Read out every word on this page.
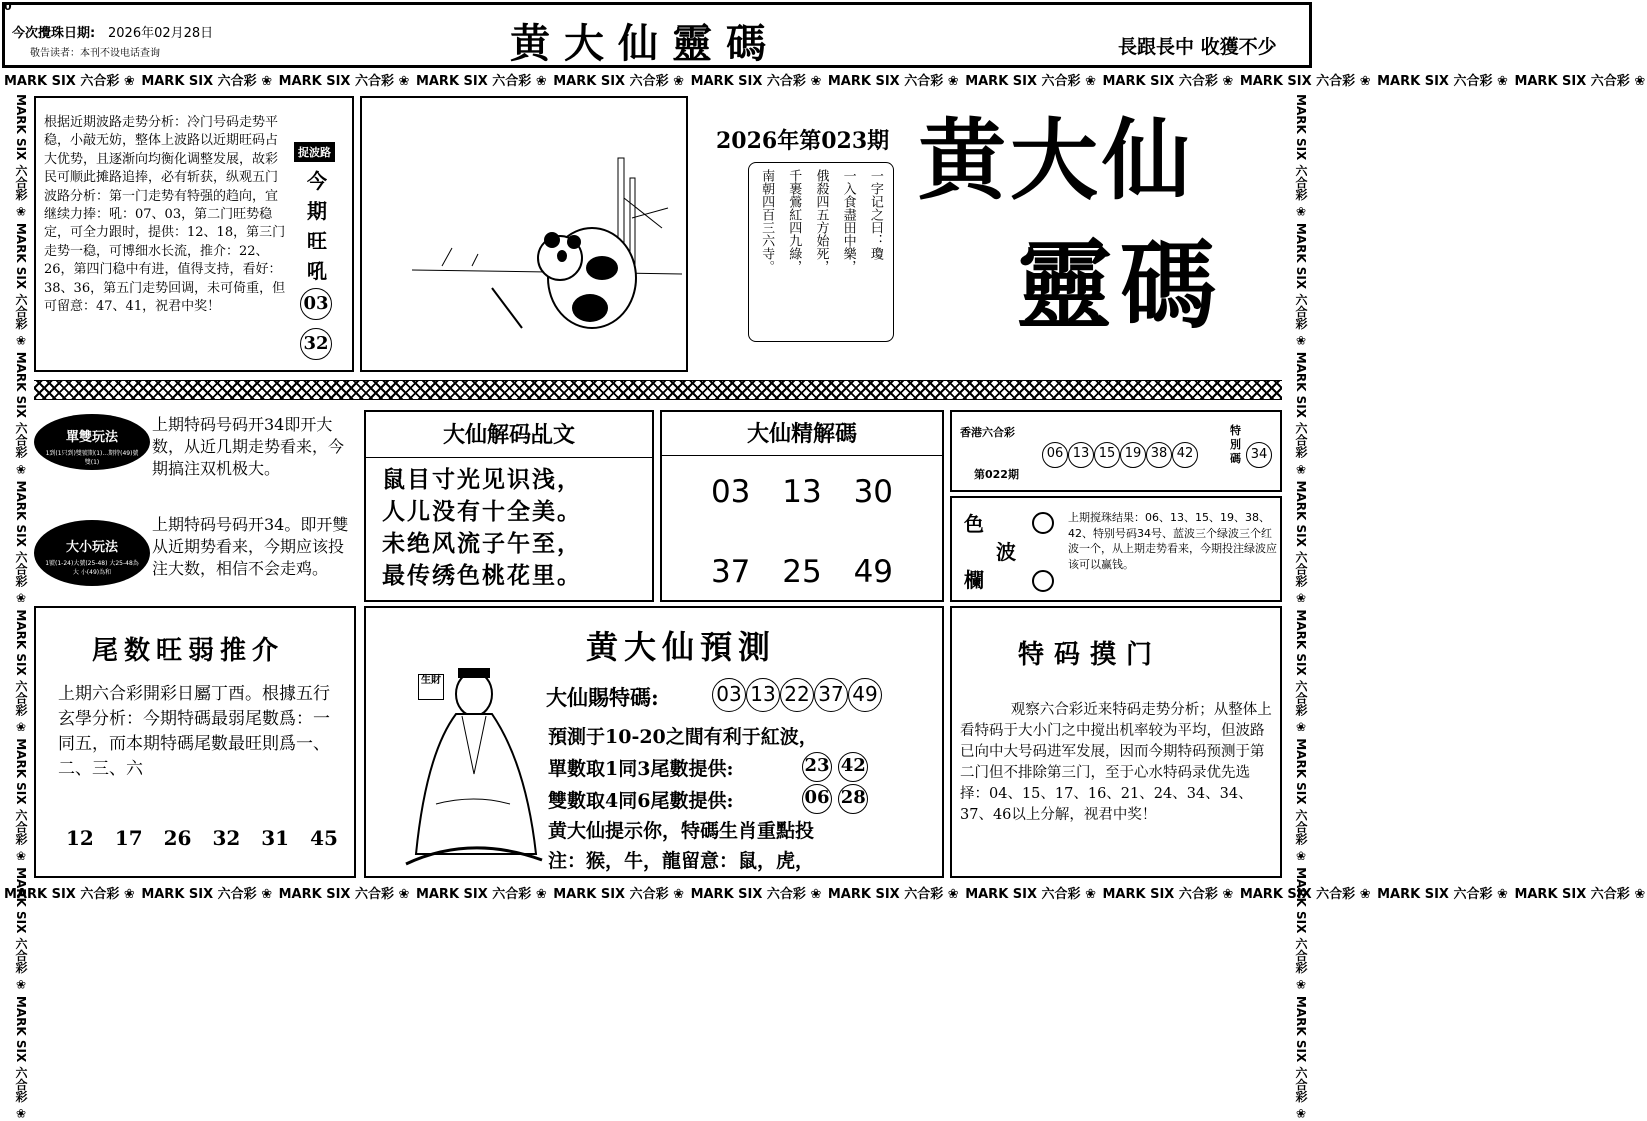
0
今次攪珠日期: 2026年02月28日
敬告读者：本刊不设电话查询	黄大仙靈碼	長跟長中 收獲不少
MARK SIX 六合彩 ❀ MARK SIX 六合彩 ❀ MARK SIX 六合彩 ❀ MARK SIX 六合彩 ❀ MARK SIX 六合彩 ❀ MARK SIX 六合彩 ❀ MARK SIX 六合彩 ❀ MARK SIX 六合彩 ❀ MARK SIX 六合彩 ❀ MARK SIX 六合彩 ❀ MARK SIX 六合彩 ❀ MARK SIX 六合彩 ❀
MARK SIX 六合彩 ❀ MARK SIX 六合彩 ❀ MARK SIX 六合彩 ❀ MARK SIX 六合彩 ❀ MARK SIX 六合彩 ❀ MARK SIX 六合彩 ❀ MARK SIX 六合彩 ❀ MARK SIX 六合彩 ❀ MARK SIX 六合彩 ❀ MARK SIX 六合彩 ❀ MARK SIX 六合彩 ❀ MARK SIX 六合彩 ❀
MARK SIX 六合彩 ❀ MARK SIX 六合彩 ❀ MARK SIX 六合彩 ❀ MARK SIX 六合彩 ❀ MARK SIX 六合彩 ❀ MARK SIX 六合彩 ❀ MARK SIX 六合彩 ❀ MARK SIX 六合彩 ❀
MARK SIX 六合彩 ❀ MARK SIX 六合彩 ❀ MARK SIX 六合彩 ❀ MARK SIX 六合彩 ❀ MARK SIX 六合彩 ❀ MARK SIX 六合彩 ❀ MARK SIX 六合彩 ❀ MARK SIX 六合彩 ❀
根据近期波路走势分析：冷门号码走势平稳，小敲无妨，整体上波路以近期旺码占大优势，且逐渐向均衡化调整发展，故彩民可顺此摊路追捧，必有斩获，纵观五门波路分析：第一门走势有特强的趋向，宜继续力捧：吼：07、03，第二门旺势稳定，可全力跟时，提供：12、18，第三门走势一稳，可博细水长流，推介：22、26，第四门稳中有进，值得支持，看好：38、36，第五门走势回调，未可倚重，但可留意：47、41，祝君中奖！
捉波路
今
期
旺
吼
03
32
2026年第023期
一字记之曰：瓊
一入食盡田中樂，
俄殺四五方始死，
千裹鶯紅四九綠，
南朝四百三六寺。
黄大仙
靈碼
單雙玩法
1到(1只到)雙號期(1)...期特(49)號雙(1)
上期特码号码开34即开大数，从近几期走势看来，今期搞注双机极大。
大小玩法
1號(1-24)大號(25-48) 大25-48為大 小(49)為和
上期特码号码开34。即开雙从近期势看来，今期应该投注大数，相信不会走鸡。
大仙解码乩文
鼠目寸光见识浅，
人儿没有十全美。
未绝风流子午至，
最传绣色桃花里。
大仙精解碼
03 13 30
37 25 49
香港六合彩
第022期
06 13 15 19 38 42
特別碼 34
色
波
欄
上期搅珠结果：06、13、15、19、38、42、特别号码34号、蓝波三个绿波三个红波一个，从上期走势看来，今期投注绿波应该可以赢钱。
尾数旺弱推介
上期六合彩開彩日屬丁酉。根據五行玄學分析：今期特碼最弱尾數爲：一同五，而本期特碼尾數最旺則爲一、二、三、六
12 17 26 32 31 45
黄大仙預測
生財
大仙賜特碼:	03 13 22 37 49
預測于10-20之間有利于紅波，
單數取1同3尾數提供:	23 42
雙數取4同6尾數提供:	06 28
黄大仙提示你，特碼生肖重點投
注：猴，牛，龍留意：鼠，虎，
特码摸门
观察六合彩近来特码走势分析；从整体上看特码于大小门之中搅出机率较为平均，但波路已向中大号码进军发展，因而今期特码预测于第二门但不排除第三门，至于心水特码录优先选择：04、15、17、16、21、24、34、34、37、46以上分解，视君中奖！
